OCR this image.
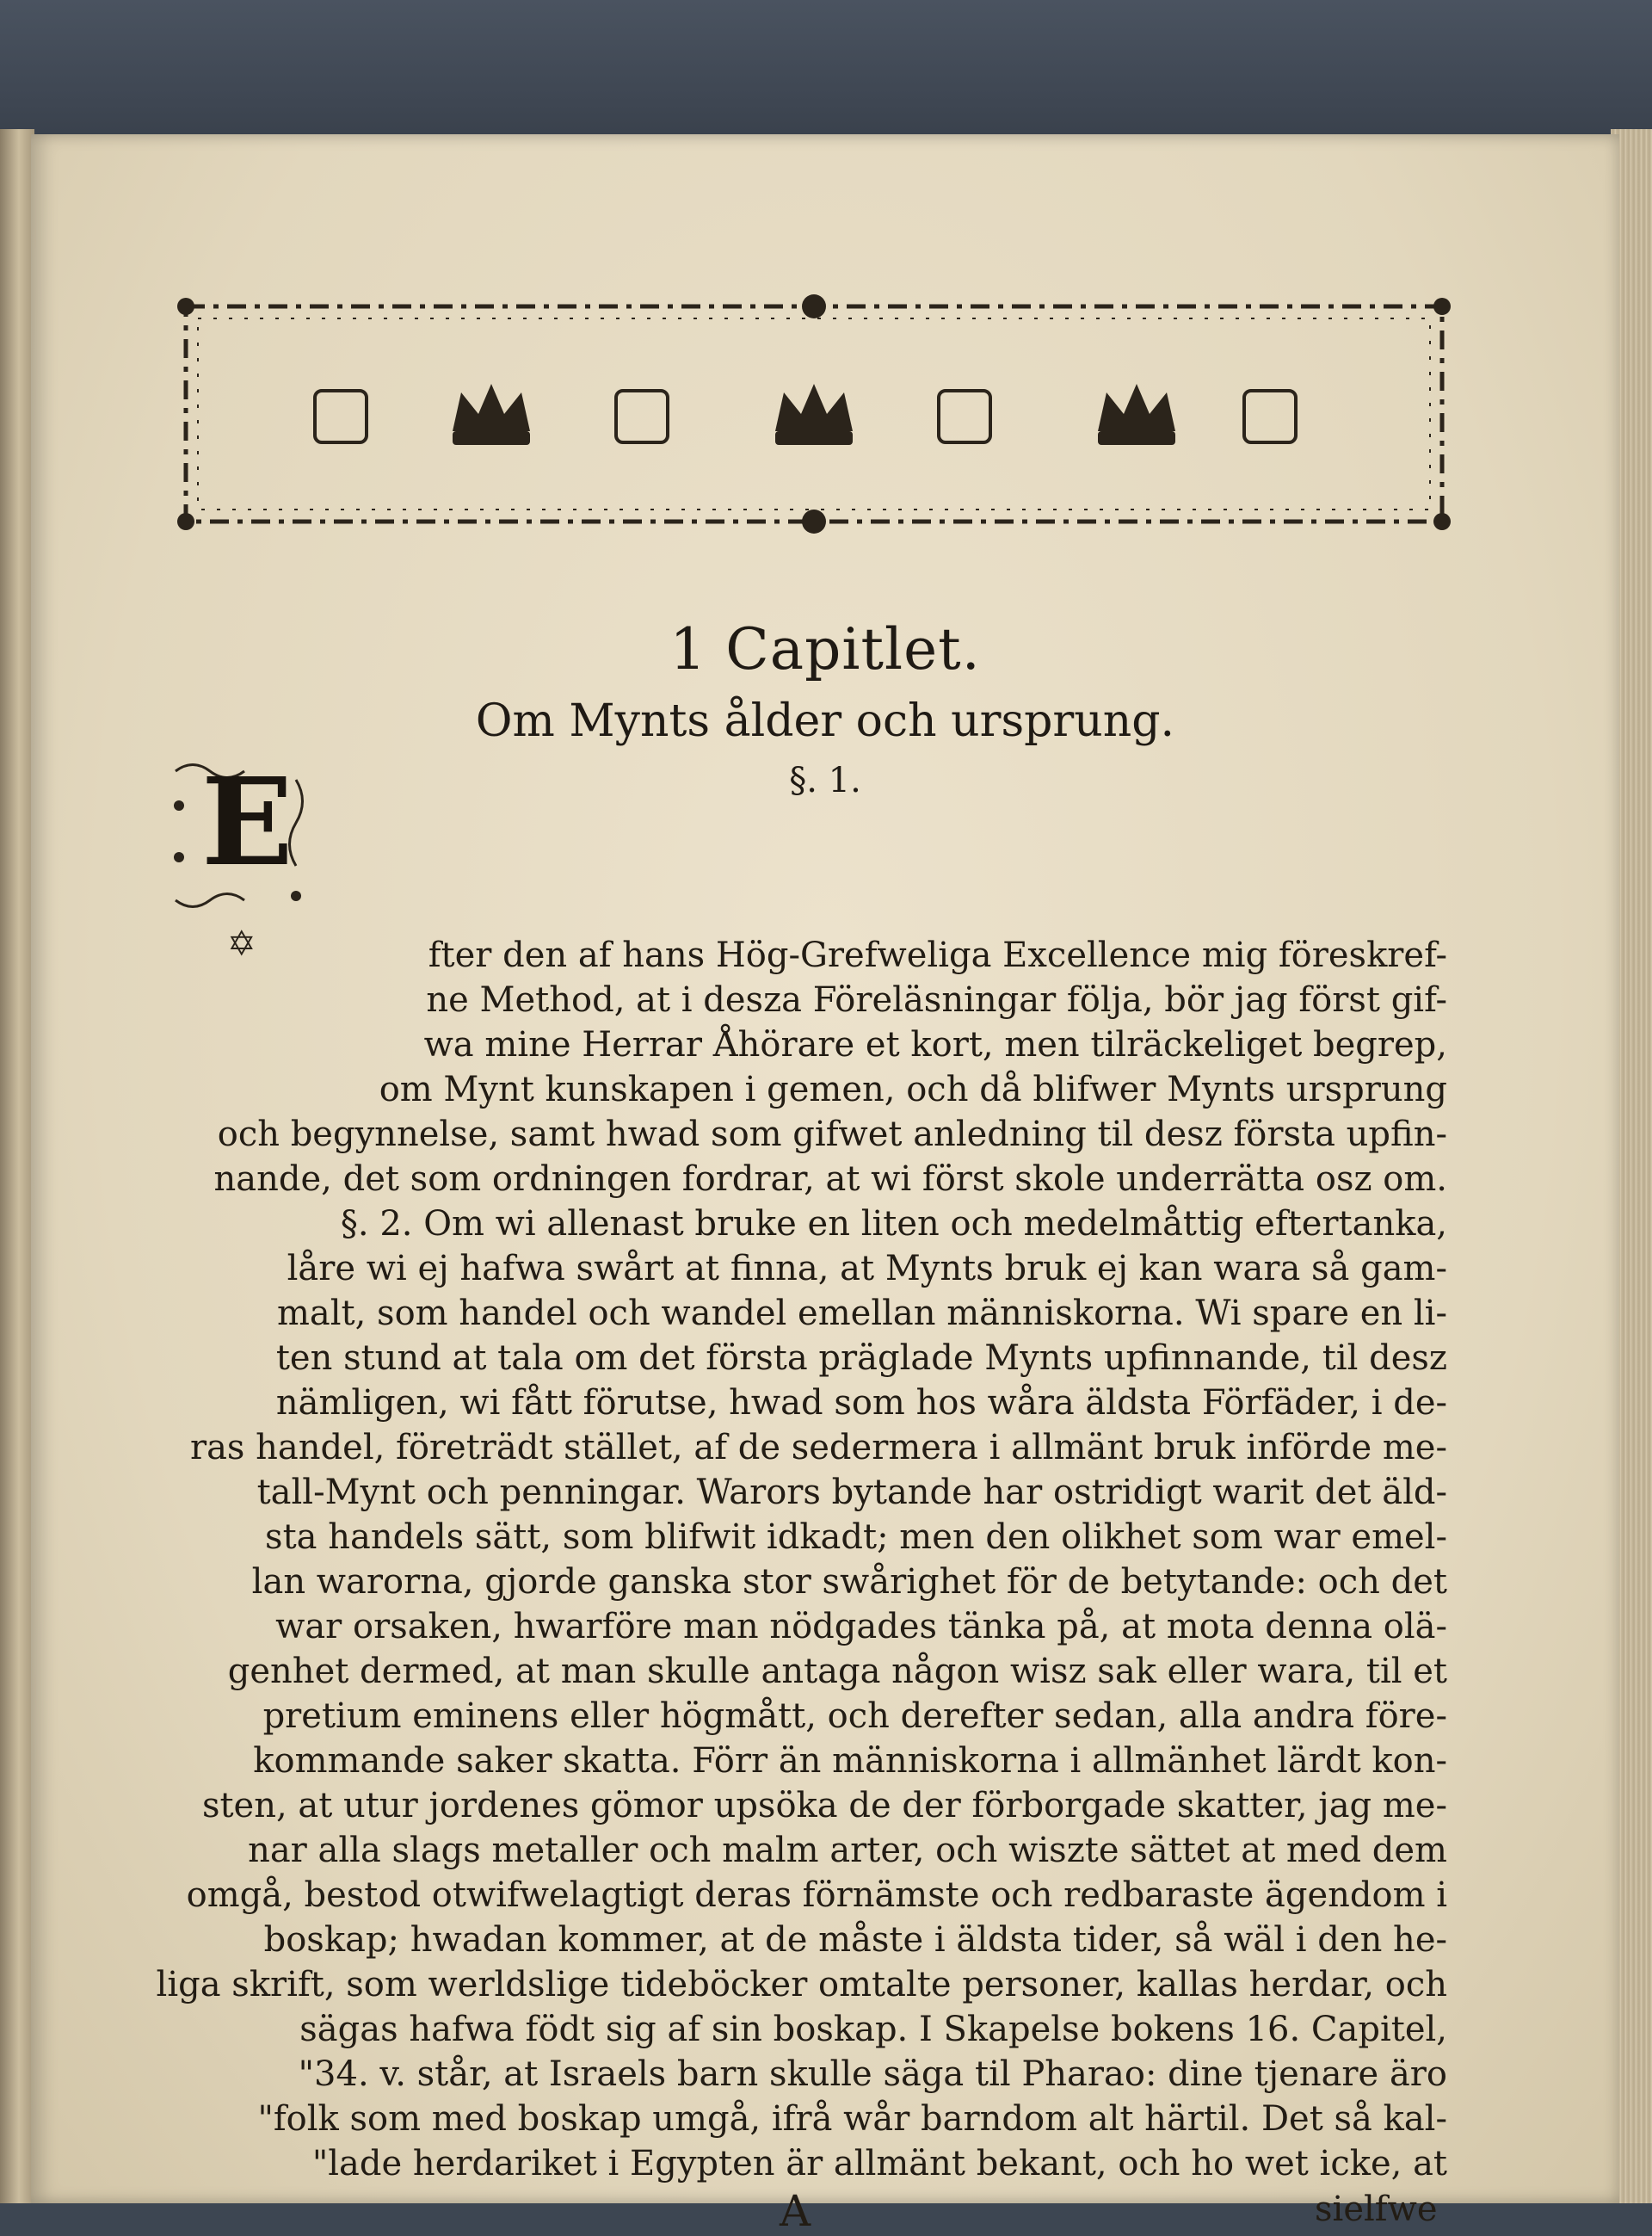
1 Capitlet.
Om Mynts ålder och ursprung.
§. 1.
E
✡	fter den af hans Hög-Grefweliga Excellence mig föreskref-
ne Method, at i desza Föreläsningar följa, bör jag först gif-
wa mine Herrar Åhörare et kort, men tilräckeliget begrep,
om Mynt kunskapen i gemen, och då blifwer Mynts ursprung
och begynnelse, samt hwad som gifwet anledning til desz första upfin-
nande, det som ordningen fordrar, at wi först skole underrätta osz om.
§. 2. Om wi allenast bruke en liten och medelmåttig eftertanka,
låre wi ej hafwa swårt at finna, at Mynts bruk ej kan wara så gam-
malt, som handel och wandel emellan människorna. Wi spare en li-
ten stund at tala om det första präglade Mynts upfinnande, til desz
nämligen, wi fått förutse, hwad som hos wåra äldsta Förfäder, i de-
ras handel, företrädt stället, af de sedermera i allmänt bruk införde me-
tall-Mynt och penningar. Warors bytande har ostridigt warit det äld-
sta handels sätt, som blifwit idkadt; men den olikhet som war emel-
lan warorna, gjorde ganska stor swårighet för de betytande: och det
war orsaken, hwarföre man nödgades tänka på, at mota denna olä-
genhet dermed, at man skulle antaga någon wisz sak eller wara, til et
pretium eminens eller högmått, och derefter sedan, alla andra före-
kommande saker skatta. Förr än människorna i allmänhet lärdt kon-
sten, at utur jordenes gömor upsöka de der förborgade skatter, jag me-
nar alla slags metaller och malm arter, och wiszte sättet at med dem
omgå, bestod otwifwelagtigt deras förnämste och redbaraste ägendom i
boskap; hwadan kommer, at de måste i äldsta tider, så wäl i den he-
liga skrift, som werldslige tideböcker omtalte personer, kallas herdar, och
sägas hafwa födt sig af sin boskap. I Skapelse bokens 16. Capitel,
"34. v. står, at Israels barn skulle säga til Pharao: dine tjenare äro
"folk som med boskap umgå, ifrå wår barndom alt härtil. Det så kal-
"lade herdariket i Egypten är allmänt bekant, och ho wet icke, at
A	sielfwe
